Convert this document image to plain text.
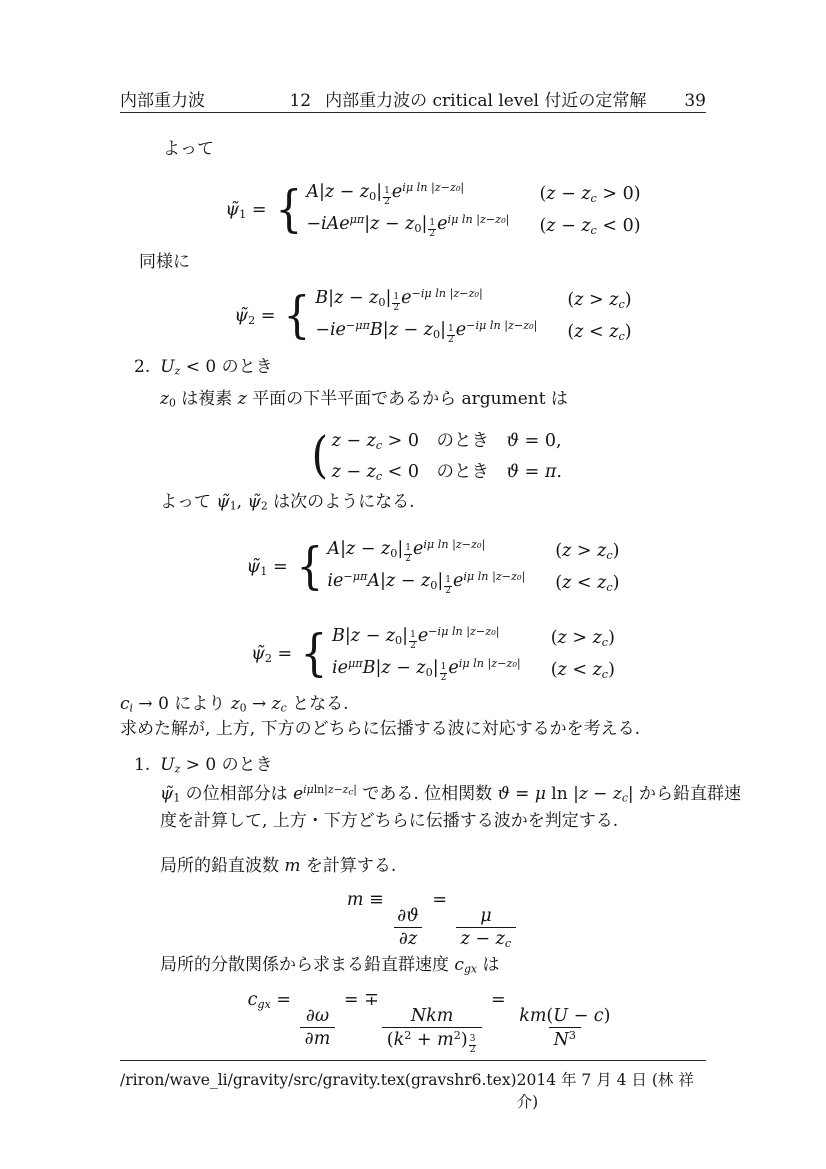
内部重力波	12 内部重力波の critical level 付近の定常解 39
よって
ψ̃1 = { $A|z - z0| \frac{1}{2} e^{i\mu ln |z-z_0|}$	(z − zc > 0)
$-iAe^{\mu\pi}|z - z0| \frac{1}{2} e^{i\mu ln |z-z_0|}$	(z − zc < 0)
同様に
ψ̃2 = { $B|z - z0| \frac{1}{2} e^{-i\mu ln |z-z_0|}$	(z > zc)
$-ie^{-\mu\pi}B|z - z0| \frac{1}{2} e^{-i\mu ln |z-z_0|}$	(z < zc)
2. Uz < 0 のとき
z0 は複素 z 平面の下半平面であるから argument は
( z − zc > 0 のとき ϑ = 0,
z − zc < 0 のとき ϑ = π.
よって ψ̃1, ψ̃2 は次のようになる.
ψ̃1 = { $A|z - z0| \frac{1}{2} e^{i\mu ln |z-z_0|}$	(z > zc)
$ie^{-\mu\pi}A|z - z0| \frac{1}{2} e^{i\mu ln |z-z_0|}$	(z < zc)
ψ̃2 = { $B|z - z0| \frac{1}{2} e^{-i\mu ln |z-z_0|}$	(z > zc)
$ie^{\mu\pi}B|z - z0| \frac{1}{2} e^{i\mu ln |z-z_0|}$	(z < zc)
ci → 0 により z0 → zc となる.
求めた解が, 上方, 下方のどちらに伝播する波に対応するかを考える.
1. Uz > 0 のとき
ψ̃1 の位相部分は $e^{i\mu ln|z-zc|}$ である. 位相関数 ϑ = μ ln |z − zc| から鉛直群速
度を計算して, 上方・下方どちらに伝播する波かを判定する.
局所的鉛直波数 m を計算する.
m ≡
$\frac{\partial ϑ}{\partial z}$
=
$\frac{\mu}{z - zc}$
局所的分散関係から求まる鉛直群速度 cgx は
cgx =
$\frac{\partial\omega}{\partial m}$
= ∓
$\frac{\text{Nkm}}{(k^2 + m^2) \frac{3}{2}}$
=
$\frac{km(U - c)}{N^3}$
/riron/wave_li/gravity/src/gravity.tex(gravshr6.tex) 2014 年 7 月 4 日 (林 祥介)
